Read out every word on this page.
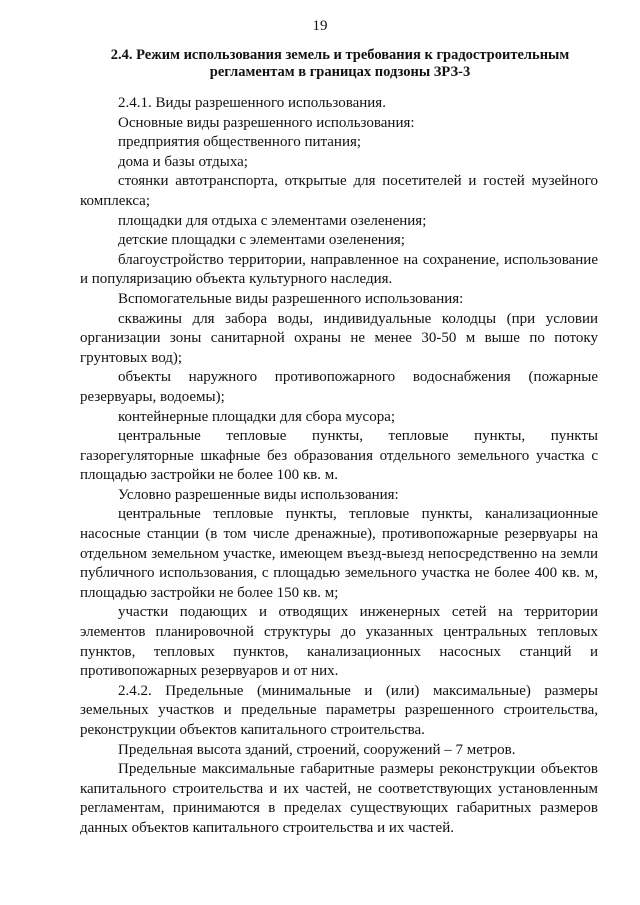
19
2.4. Режим использования земель и требования к градостроительным регламентам в границах подзоны ЗРЗ-3

2.4.1. Виды разрешенного использования.

Основные виды разрешенного использования:

предприятия общественного питания;

дома и базы отдыха;

стоянки автотранспорта, открытые для посетителей и гостей музейного комплекса;

площадки для отдыха с элементами озеленения;

детские площадки с элементами озеленения;

благоустройство территории, направленное на сохранение, использование и популяризацию объекта культурного наследия.

Вспомогательные виды разрешенного использования:

скважины для забора воды, индивидуальные колодцы (при условии организации зоны санитарной охраны не менее 30-50 м выше по потоку грунтовых вод);

объекты наружного противопожарного водоснабжения (пожарные резервуары, водоемы);

контейнерные площадки для сбора мусора;

центральные тепловые пункты, тепловые пункты, пункты газорегуляторные шкафные без образования отдельного земельного участка с площадью застройки не более 100 кв. м.

Условно разрешенные виды использования:

центральные тепловые пункты, тепловые пункты, канализационные насосные станции (в том числе дренажные), противопожарные резервуары на отдельном земельном участке, имеющем въезд-выезд непосредственно на земли публичного использования, с площадью земельного участка не более 400 кв. м, площадью застройки не более 150 кв. м;

участки подающих и отводящих инженерных сетей на территории элементов планировочной структуры до указанных центральных тепловых пунктов, тепловых пунктов, канализационных насосных станций и противопожарных резервуаров и от них.

2.4.2. Предельные (минимальные и (или) максимальные) размеры земельных участков и предельные параметры разрешенного строительства, реконструкции объектов капитального строительства.

Предельная высота зданий, строений, сооружений – 7 метров.

Предельные максимальные габаритные размеры реконструкции объектов капитального строительства и их частей, не соответствующих установленным регламентам, принимаются в пределах существующих габаритных размеров данных объектов капитального строительства и их частей.
